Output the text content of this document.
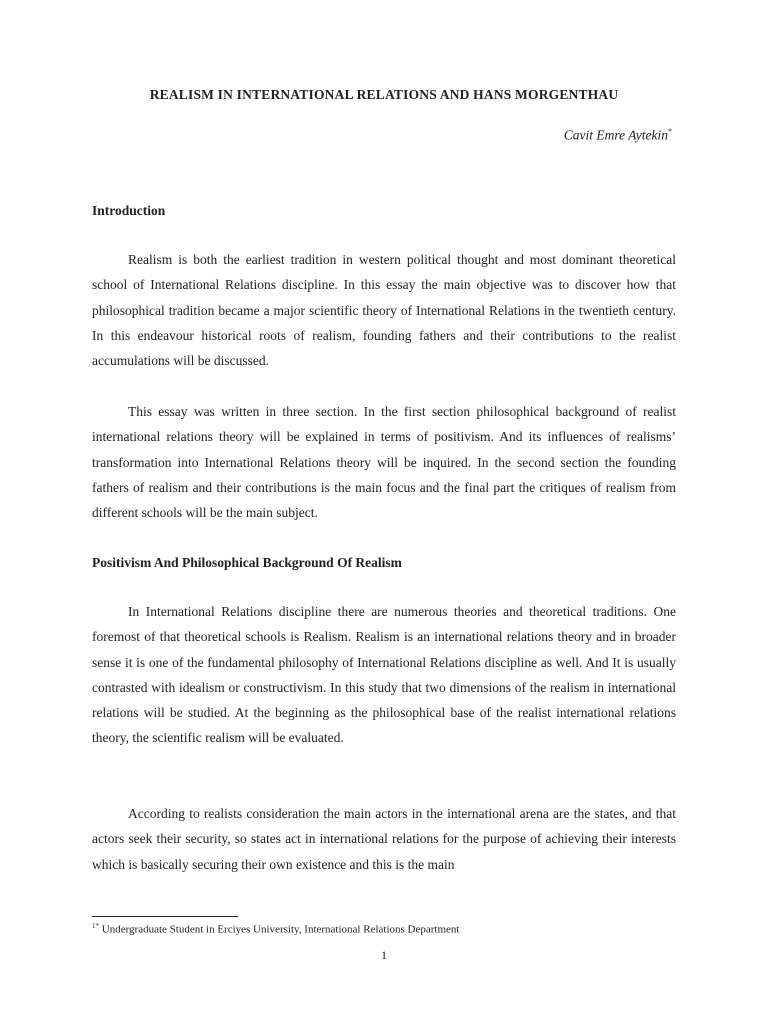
REALISM IN INTERNATIONAL RELATIONS AND HANS MORGENTHAU
Cavit Emre Aytekin*
Introduction

Realism is both the earliest tradition in western political thought and most dominant theoretical school of International Relations discipline. In this essay the main objective was to discover how that philosophical tradition became a major scientific theory of International Relations in the twentieth century. In this endeavour historical roots of realism, founding fathers and their contributions to the realist accumulations will be discussed.

This essay was written in three section. In the first section philosophical background of realist international relations theory will be explained in terms of positivism. And its influences of realisms’ transformation into International Relations theory will be inquired. In the second section the founding fathers of realism and their contributions is the main focus and the final part the critiques of realism from different schools will be the main subject.

Positivism And Philosophical Background Of Realism

In International Relations discipline there are numerous theories and theoretical traditions. One foremost of that theoretical schools is Realism. Realism is an international relations theory and in broader sense it is one of the fundamental philosophy of International Relations discipline as well. And It is usually contrasted with idealism or constructivism. In this study that two dimensions of the realism in international relations will be studied. At the beginning as the philosophical base of the realist international relations theory, the scientific realism will be evaluated.

According to realists consideration the main actors in the international arena are the states, and that actors seek their security, so states act in international relations for the purpose of achieving their interests which is basically securing their own existence and this is the main

$^{1*}$ Undergraduate Student in Erciyes University, International Relations Department
1
